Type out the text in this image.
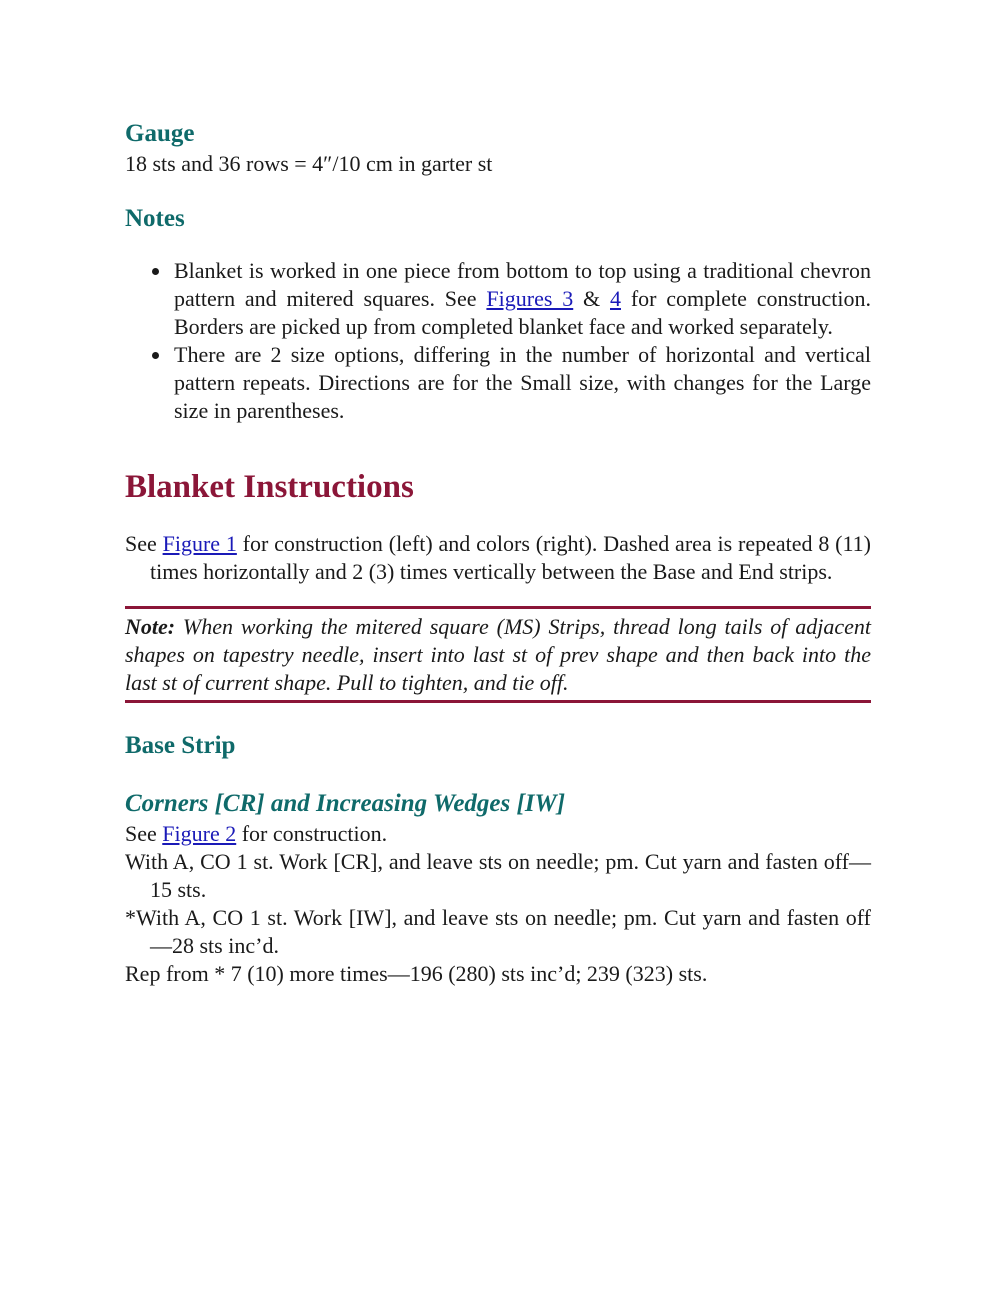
Gauge

18 sts and 36 rows = 4″/10 cm in garter st

Notes
Blanket is worked in one piece from bottom to top using a traditional chevron pattern and mitered squares. See Figures 3 & 4 for complete construction. Borders are picked up from completed blanket face and worked separately.
There are 2 size options, differing in the number of horizontal and vertical pattern repeats. Directions are for the Small size, with changes for the Large size in parentheses.
Blanket Instructions

See Figure 1 for construction (left) and colors (right). Dashed area is repeated 8 (11) times horizontally and 2 (3) times vertically between the Base and End strips.

Note: When working the mitered square (MS) Strips, thread long tails of adjacent shapes on tapestry needle, insert into last st of prev shape and then back into the last st of current shape. Pull to tighten, and tie off.
Base Strip
Corners [CR] and Increasing Wedges [IW]

See Figure 2 for construction.

With A, CO 1 st. Work [CR], and leave sts on needle; pm. Cut yarn and fasten off—15 sts.

*With A, CO 1 st. Work [IW], and leave sts on needle; pm. Cut yarn and fasten off—28 sts inc’d.

Rep from * 7 (10) more times—196 (280) sts inc’d; 239 (323) sts.
